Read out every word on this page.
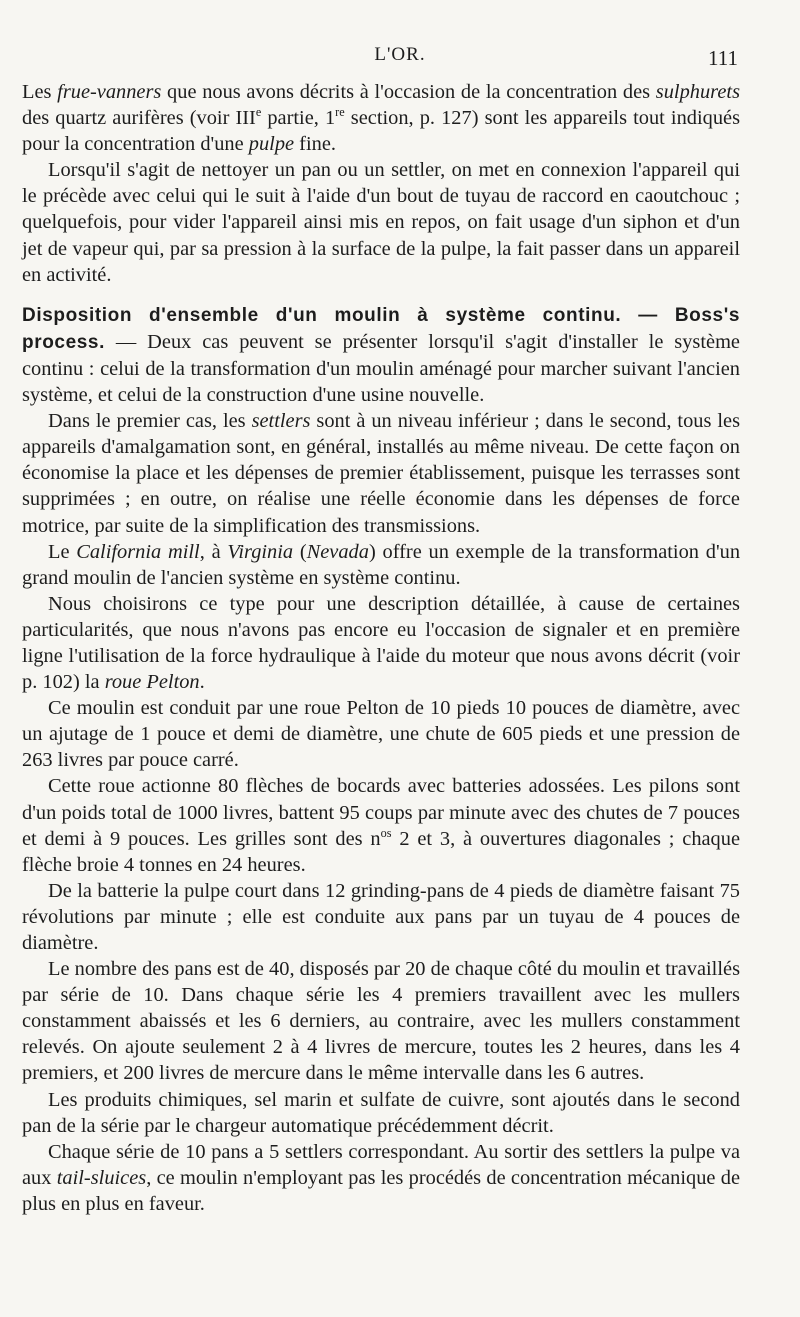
L'OR.	111

Les frue-vanners que nous avons décrits à l'occasion de la concentration des sulphurets des quartz aurifères (voir IIIe partie, 1re section, p. 127) sont les appareils tout indiqués pour la concentration d'une pulpe fine.

Lorsqu'il s'agit de nettoyer un pan ou un settler, on met en connexion l'appareil qui le précède avec celui qui le suit à l'aide d'un bout de tuyau de raccord en caoutchouc ; quelquefois, pour vider l'appareil ainsi mis en repos, on fait usage d'un siphon et d'un jet de vapeur qui, par sa pression à la surface de la pulpe, la fait passer dans un appareil en activité.

Disposition d'ensemble d'un moulin à système continu. — Boss's process. — Deux cas peuvent se présenter lorsqu'il s'agit d'installer le système continu : celui de la transformation d'un moulin aménagé pour marcher suivant l'ancien système, et celui de la construction d'une usine nouvelle.

Dans le premier cas, les settlers sont à un niveau inférieur ; dans le second, tous les appareils d'amalgamation sont, en général, installés au même niveau. De cette façon on économise la place et les dépenses de premier établissement, puisque les terrasses sont supprimées ; en outre, on réalise une réelle économie dans les dépenses de force motrice, par suite de la simplification des transmissions.

Le California mill, à Virginia (Nevada) offre un exemple de la transformation d'un grand moulin de l'ancien système en système continu.

Nous choisirons ce type pour une description détaillée, à cause de certaines particularités, que nous n'avons pas encore eu l'occasion de signaler et en première ligne l'utilisation de la force hydraulique à l'aide du moteur que nous avons décrit (voir p. 102) la roue Pelton.

Ce moulin est conduit par une roue Pelton de 10 pieds 10 pouces de diamètre, avec un ajutage de 1 pouce et demi de diamètre, une chute de 605 pieds et une pression de 263 livres par pouce carré.

Cette roue actionne 80 flèches de bocards avec batteries adossées. Les pilons sont d'un poids total de 1000 livres, battent 95 coups par minute avec des chutes de 7 pouces et demi à 9 pouces. Les grilles sont des $n^{os}$ 2 et 3, à ouvertures diagonales ; chaque flèche broie 4 tonnes en 24 heures.

De la batterie la pulpe court dans 12 grinding-pans de 4 pieds de diamètre faisant 75 révolutions par minute ; elle est conduite aux pans par un tuyau de 4 pouces de diamètre.

Le nombre des pans est de 40, disposés par 20 de chaque côté du moulin et travaillés par série de 10. Dans chaque série les 4 premiers travaillent avec les mullers constamment abaissés et les 6 derniers, au contraire, avec les mullers constamment relevés. On ajoute seulement 2 à 4 livres de mercure, toutes les 2 heures, dans les 4 premiers, et 200 livres de mercure dans le même intervalle dans les 6 autres.

Les produits chimiques, sel marin et sulfate de cuivre, sont ajoutés dans le second pan de la série par le chargeur automatique précédemment décrit.

Chaque série de 10 pans a 5 settlers correspondant. Au sortir des settlers la pulpe va aux tail-sluices, ce moulin n'employant pas les procédés de concentration mécanique de plus en plus en faveur.
